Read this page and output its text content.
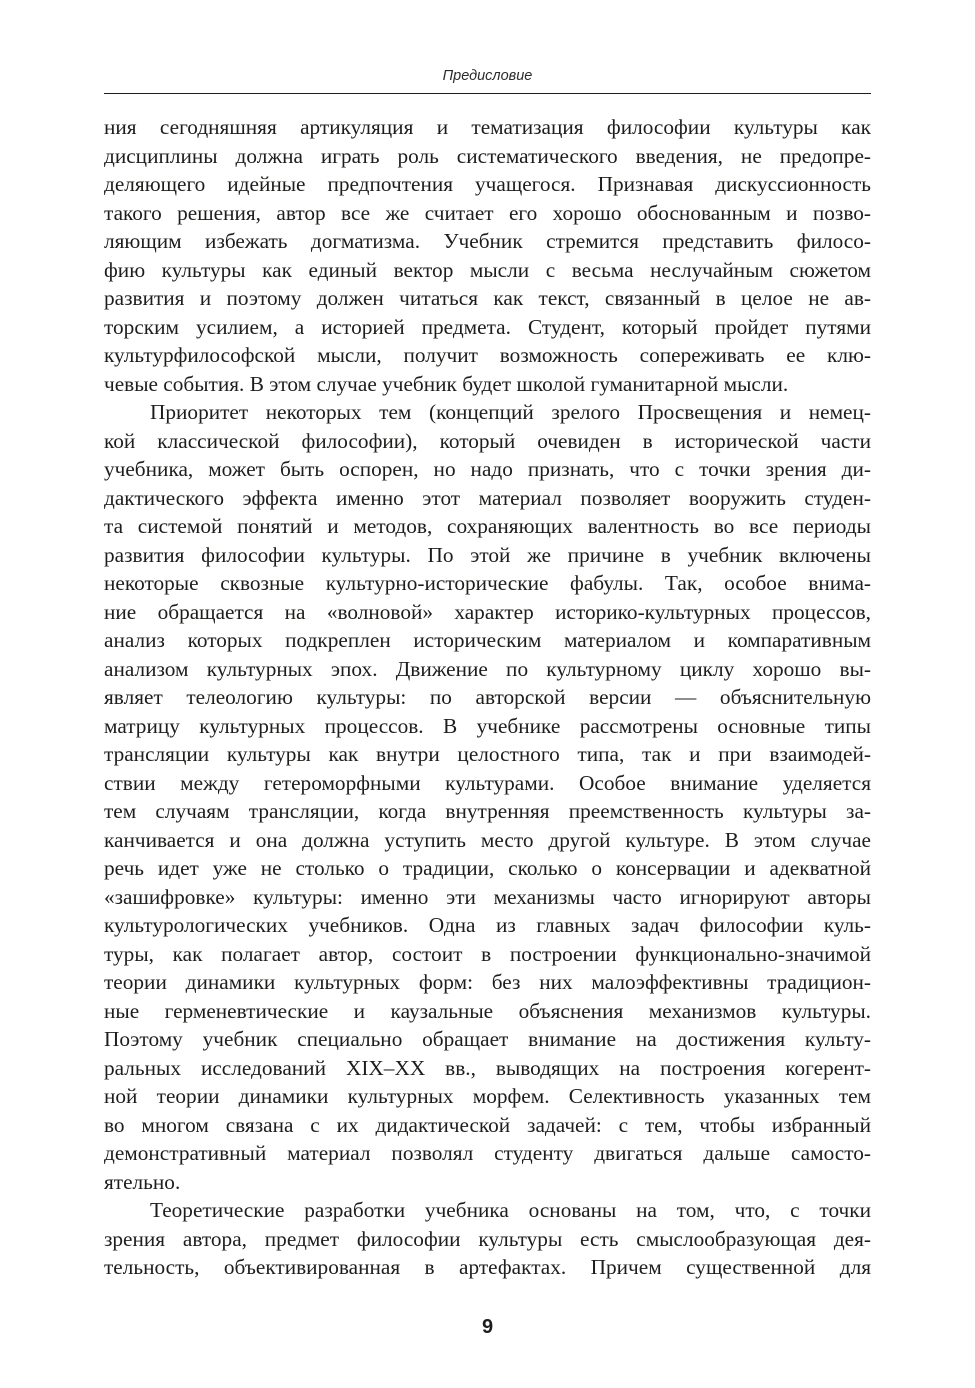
Предисловие
ния сегодняшняя артикуляция и тематизация философии культуры как
дисциплины должна играть роль систематического введения, не предопре-
деляющего идейные предпочтения учащегося. Признавая дискуссионность
такого решения, автор все же считает его хорошо обоснованным и позво-
ляющим избежать догматизма. Учебник стремится представить филосо-
фию культуры как единый вектор мысли с весьма неслучайным сюжетом
развития и поэтому должен читаться как текст, связанный в целое не ав-
торским усилием, а историей предмета. Студент, который пройдет путями
культурфилософской мысли, получит возможность сопереживать ее клю-
чевые события. В этом случае учебник будет школой гуманитарной мысли.
Приоритет некоторых тем (концепций зрелого Просвещения и немец-
кой классической философии), который очевиден в исторической части
учебника, может быть оспорен, но надо признать, что с точки зрения ди-
дактического эффекта именно этот материал позволяет вооружить студен-
та системой понятий и методов, сохраняющих валентность во все периоды
развития философии культуры. По этой же причине в учебник включены
некоторые сквозные культурно-исторические фабулы. Так, особое внима-
ние обращается на «волновой» характер историко-культурных процессов,
анализ которых подкреплен историческим материалом и компаративным
анализом культурных эпох. Движение по культурному циклу хорошо вы-
являет телеологию культуры: по авторской версии — объяснительную
матрицу культурных процессов. В учебнике рассмотрены основные типы
трансляции культуры как внутри целостного типа, так и при взаимодей-
ствии между гетероморфными культурами. Особое внимание уделяется
тем случаям трансляции, когда внутренняя преемственность культуры за-
канчивается и она должна уступить место другой культуре. В этом случае
речь идет уже не столько о традиции, сколько о консервации и адекватной
«зашифровке» культуры: именно эти механизмы часто игнорируют авторы
культурологических учебников. Одна из главных задач философии куль-
туры, как полагает автор, состоит в построении функционально-значимой
теории динамики культурных форм: без них малоэффективны традицион-
ные герменевтические и каузальные объяснения механизмов культуры.
Поэтому учебник специально обращает внимание на достижения культу-
ральных исследований XIX–XX вв., выводящих на построения когерент-
ной теории динамики культурных морфем. Селективность указанных тем
во многом связана с их дидактической задачей: с тем, чтобы избранный
демонстративный материал позволял студенту двигаться дальше самосто-
ятельно.
Теоретические разработки учебника основаны на том, что, с точки
зрения автора, предмет философии культуры есть смыслообразующая дея-
тельность, объективированная в артефактах. Причем существенной для
9
